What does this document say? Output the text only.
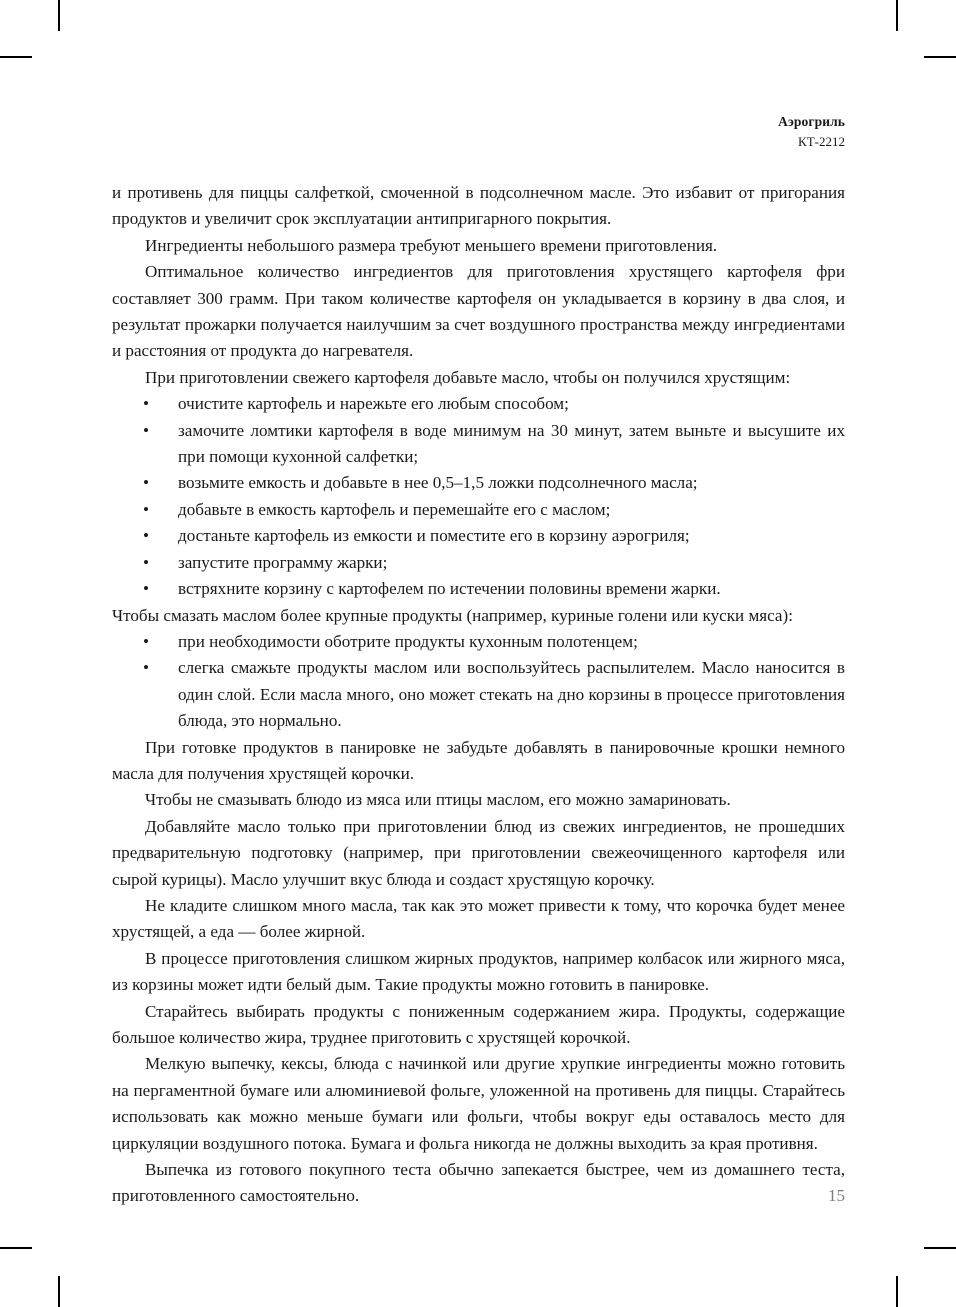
Аэрогриль
КТ-2212

и противень для пиццы салфеткой, смоченной в подсолнечном масле. Это избавит от пригорания продуктов и увеличит срок эксплуатации антипригарного покрытия.

Ингредиенты небольшого размера требуют меньшего времени приготовления.

Оптимальное количество ингредиентов для приготовления хрустящего картофеля фри составляет 300 грамм. При таком количестве картофеля он укладывается в корзину в два слоя, и результат прожарки получается наилучшим за счет воздушного пространства между ингредиентами и расстояния от продукта до нагревателя.

При приготовлении свежего картофеля добавьте масло, чтобы он получился хрустящим:

• очистите картофель и нарежьте его любым способом;
• замочите ломтики картофеля в воде минимум на 30 минут, затем выньте и высушите их при помощи кухонной салфетки;
• возьмите емкость и добавьте в нее 0,5–1,5 ложки подсолнечного масла;
• добавьте в емкость картофель и перемешайте его с маслом;
• достаньте картофель из емкости и поместите его в корзину аэрогриля;
• запустите программу жарки;
• встряхните корзину с картофелем по истечении половины времени жарки.

Чтобы смазать маслом более крупные продукты (например, куриные голени или куски мяса):

• при необходимости оботрите продукты кухонным полотенцем;
• слегка смажьте продукты маслом или воспользуйтесь распылителем. Масло наносится в один слой. Если масла много, оно может стекать на дно корзины в процессе приготовления блюда, это нормально.

При готовке продуктов в панировке не забудьте добавлять в панировочные крошки немного масла для получения хрустящей корочки.

Чтобы не смазывать блюдо из мяса или птицы маслом, его можно замариновать.

Добавляйте масло только при приготовлении блюд из свежих ингредиентов, не прошедших предварительную подготовку (например, при приготовлении свежеочищенного картофеля или сырой курицы). Масло улучшит вкус блюда и создаст хрустящую корочку.

Не кладите слишком много масла, так как это может привести к тому, что корочка будет менее хрустящей, а еда — более жирной.

В процессе приготовления слишком жирных продуктов, например колбасок или жирного мяса, из корзины может идти белый дым. Такие продукты можно готовить в панировке.

Старайтесь выбирать продукты с пониженным содержанием жира. Продукты, содержащие большое количество жира, труднее приготовить с хрустящей корочкой.

Мелкую выпечку, кексы, блюда с начинкой или другие хрупкие ингредиенты можно готовить на пергаментной бумаге или алюминиевой фольге, уложенной на противень для пиццы. Старайтесь использовать как можно меньше бумаги или фольги, чтобы вокруг еды оставалось место для циркуляции воздушного потока. Бумага и фольга никогда не должны выходить за края противня.

Выпечка из готового покупного теста обычно запекается быстрее, чем из домашнего теста, приготовленного самостоятельно.	15
